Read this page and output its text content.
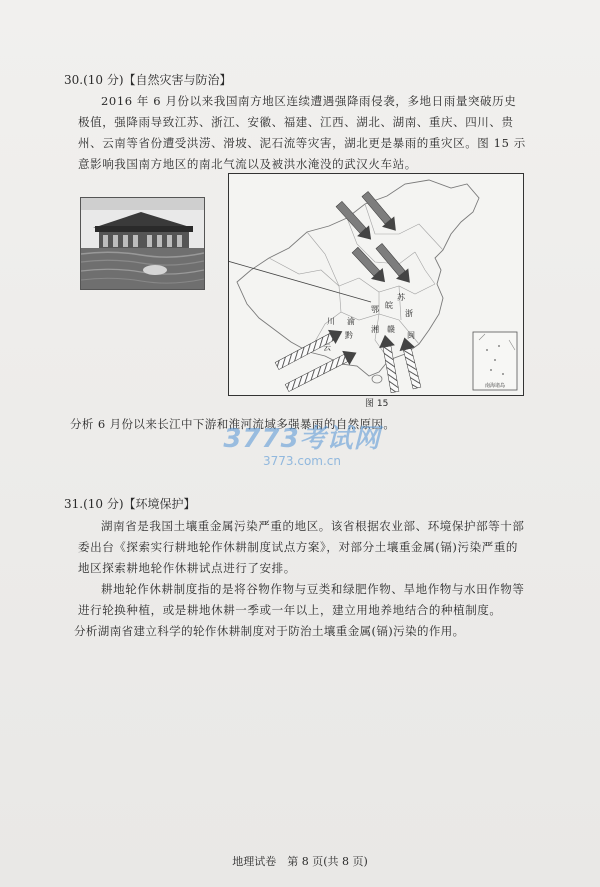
30.(10 分)【自然灾害与防治】
2016 年 6 月份以来我国南方地区连续遭遇强降雨侵袭，多地日雨量突破历史极值，强降雨导致江苏、浙江、安徽、福建、江西、湖北、湖南、重庆、四川、贵州、云南等省份遭受洪涝、滑坡、泥石流等灾害，湖北更是暴雨的重灾区。图 15 示意影响我国南方地区的南北气流以及被洪水淹没的武汉火车站。
南海诸岛
苏
皖
鄂	浙
川 渝
黔
湘 赣
云
闽
图 15
分析 6 月份以来长江中下游和淮河流域多强暴雨的自然原因。
3773考试网
3773.com.cn
31.(10 分)【环境保护】
湖南省是我国土壤重金属污染严重的地区。该省根据农业部、环境保护部等十部委出台《探索实行耕地轮作休耕制度试点方案》，对部分土壤重金属(镉)污染严重的地区探索耕地轮作休耕试点进行了安排。
耕地轮作休耕制度指的是将谷物作物与豆类和绿肥作物、旱地作物与水田作物等进行轮换种植，或是耕地休耕一季或一年以上，建立用地养地结合的种植制度。
分析湖南省建立科学的轮作休耕制度对于防治土壤重金属(镉)污染的作用。
地理试卷　第 8 页(共 8 页)
